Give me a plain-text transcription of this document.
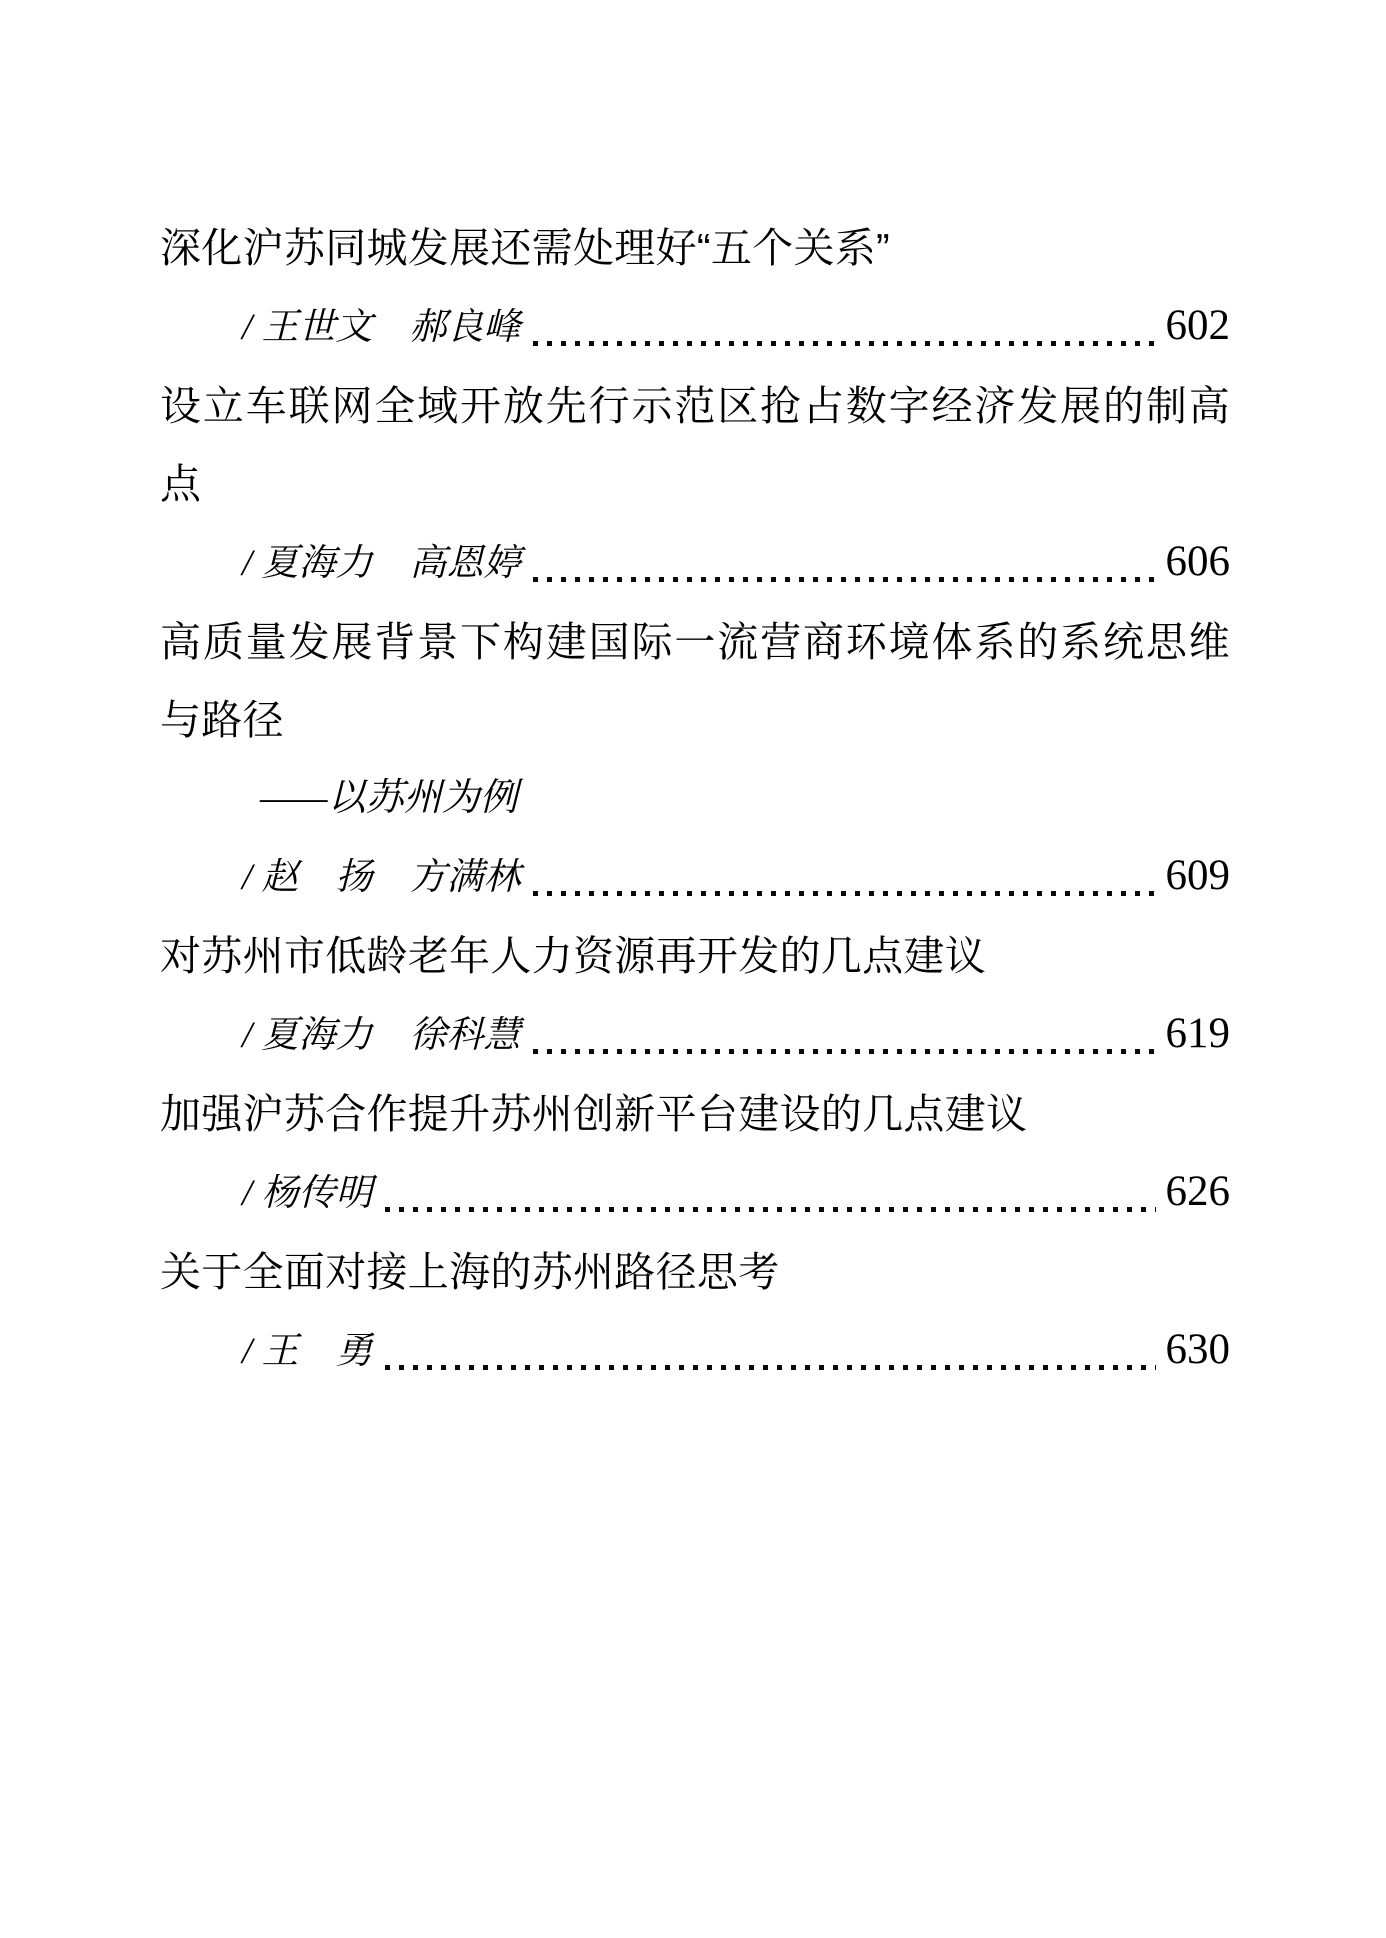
深化沪苏同城发展还需处理好“五个关系”
/ 王世文　郝良峰	602
设立车联网全域开放先行示范区抢占数字经济发展的制高点
/ 夏海力　高恩婷	606
高质量发展背景下构建国际一流营商环境体系的系统思维与路径
——以苏州为例
/ 赵　扬　方满林	609
对苏州市低龄老年人力资源再开发的几点建议
/ 夏海力　徐科慧	619
加强沪苏合作提升苏州创新平台建设的几点建议
/ 杨传明	626
关于全面对接上海的苏州路径思考
/ 王　勇	630
